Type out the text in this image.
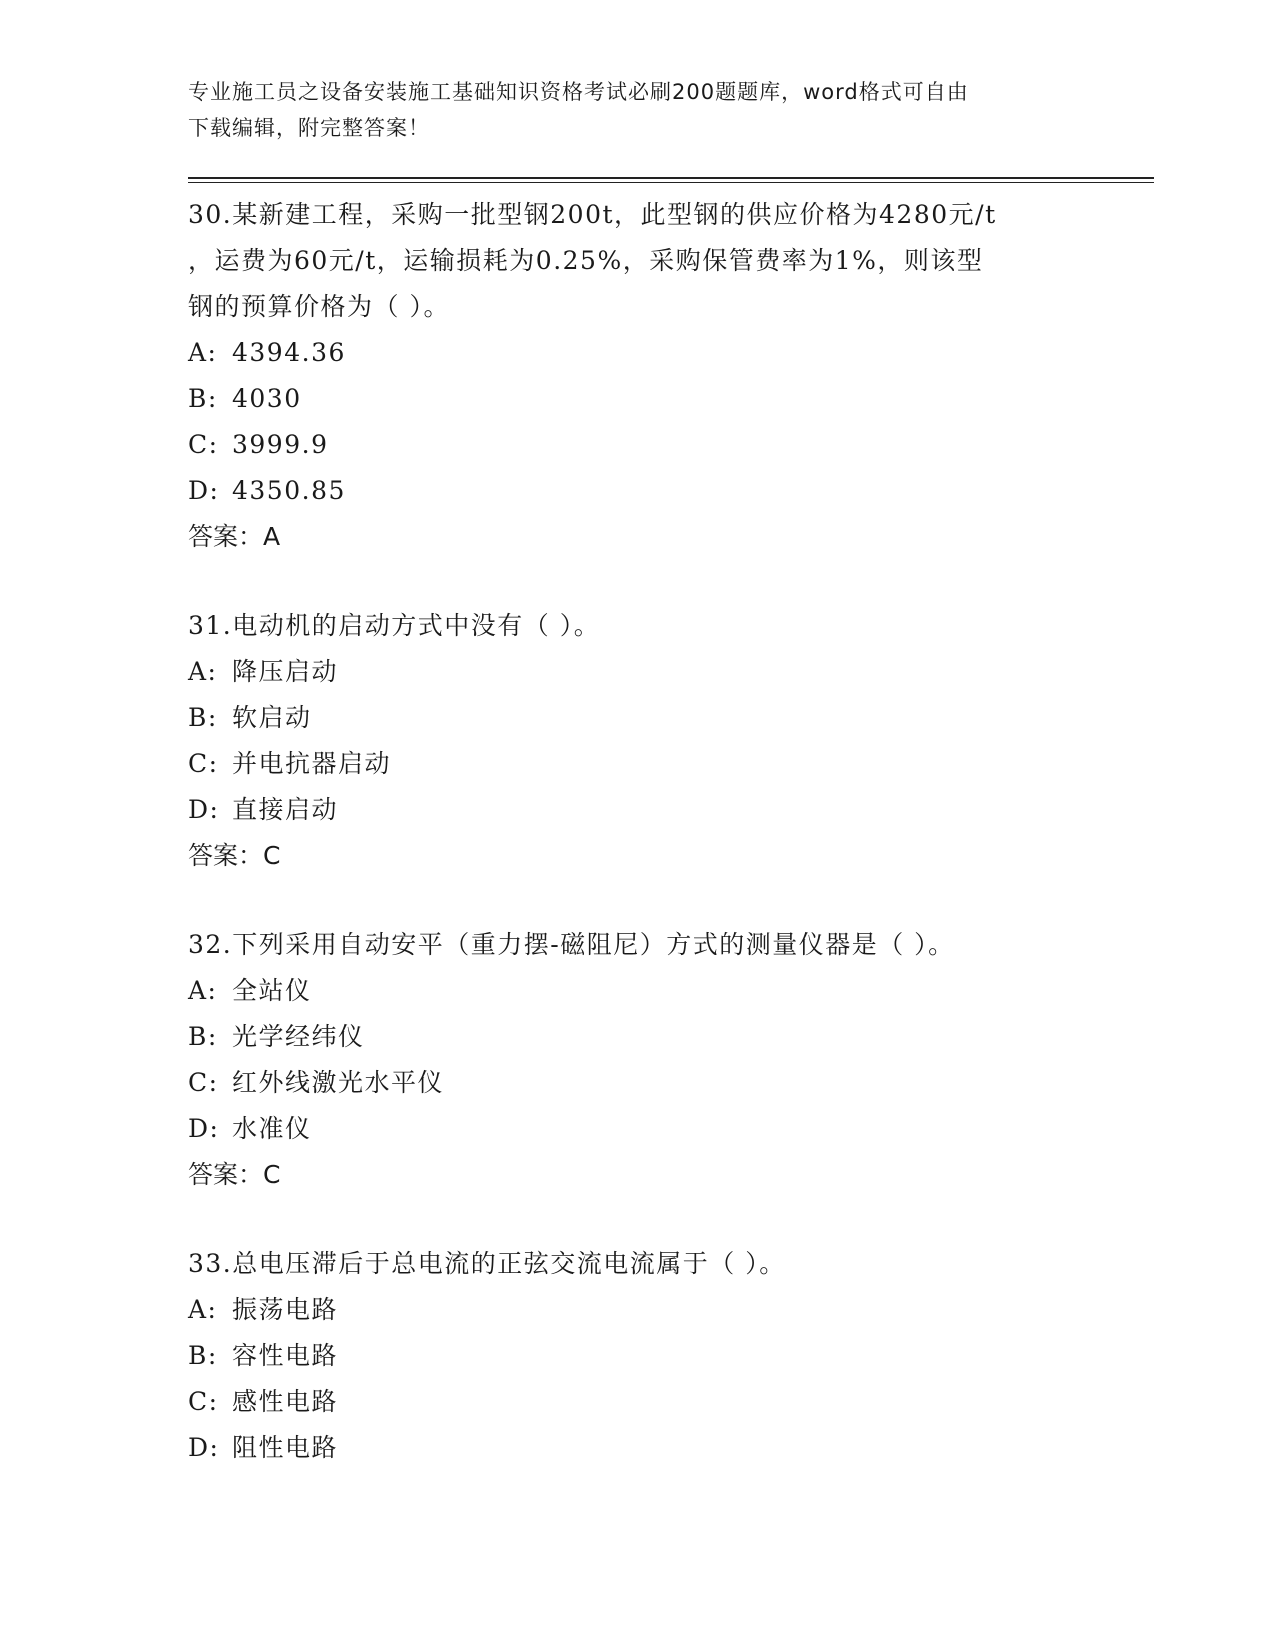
专业施工员之设备安装施工基础知识资格考试必刷200题题库，word格式可自由
下载编辑，附完整答案！
30.某新建工程，采购一批型钢200t，此型钢的供应价格为4280元/t
，运费为60元/t，运输损耗为0.25%，采购保管费率为1%，则该型
钢的预算价格为（ ）。
A: 4394.36
B: 4030
C: 3999.9
D: 4350.85
答案：A
31.电动机的启动方式中没有（ ）。
A: 降压启动
B: 软启动
C: 并电抗器启动
D: 直接启动
答案：C
32.下列采用自动安平（重力摆-磁阻尼）方式的测量仪器是（ ）。
A: 全站仪
B: 光学经纬仪
C: 红外线激光水平仪
D: 水准仪
答案：C
33.总电压滞后于总电流的正弦交流电流属于（ ）。
A: 振荡电路
B: 容性电路
C: 感性电路
D: 阻性电路
